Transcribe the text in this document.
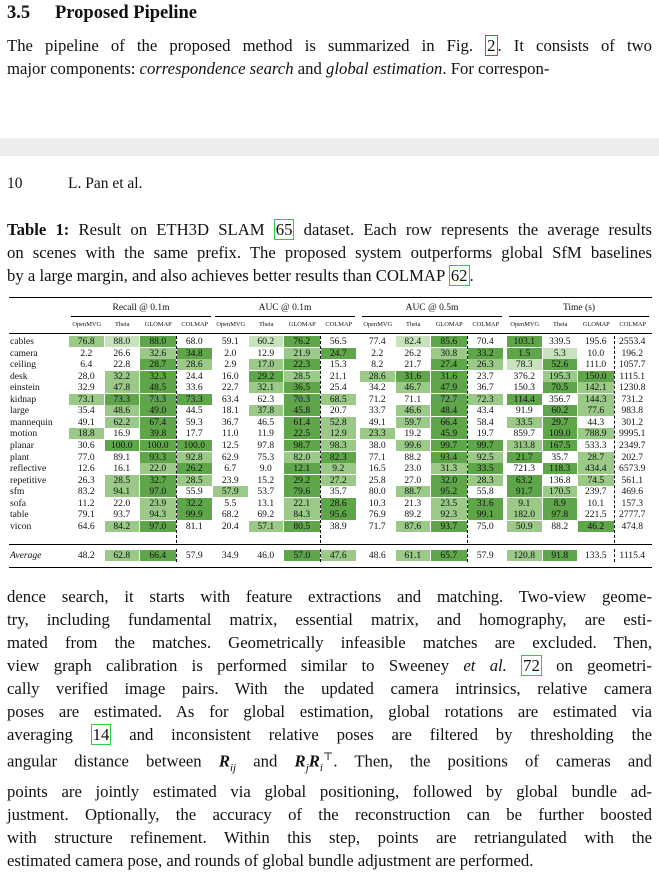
3.5 Proposed Pipeline
The pipeline of the proposed method is summarized in Fig. 2 . It consists of two
major components: correspondence search and global estimation. For correspon-
10	L. Pan et al.
Table 1: Result on ETH3D SLAM 65 dataset. Each row represents the average results
on scenes with the same prefix. The proposed system outperforms global SfM baselines
by a large margin, and also achieves better results than COLMAP 62 .
Recall @ 0.1m
OpenMVG	Theia	GLOMAP	COLMAP
AUC @ 0.1m
OpenMVG	Theia	GLOMAP	COLMAP
AUC @ 0.5m
OpenMVG	Theia	GLOMAP	COLMAP
Time (s)
OpenMVG	Theia	GLOMAP	COLMAP
cables	76.8	88.0	88.0	68.0	59.1	60.2	76.2	56.5	77.4	82.4	85.6	70.4	103.1	339.5	195.6	2553.4
camera	2.2	26.6	32.6	34.8	2.0	12.9	21.9	24.7	2.2	26.2	30.8	33.2	1.5	5.3	10.0	196.2
ceiling	6.4	22.8	28.7	28.6	2.9	17.0	22.3	15.3	8.2	21.7	27.4	26.3	78.3	52.6	111.0	1057.7
desk	28.0	32.2	32.3	24.4	16.0	29.2	28.5	21.1	28.6	31.6	31.6	23.7	376.2	195.3	150.0	1115.1
einstein	32.9	47.8	48.5	33.6	22.7	32.1	36.5	25.4	34.2	46.7	47.9	36.7	150.3	70.5	142.1	1230.8
kidnap	73.1	73.3	73.3	73.3	63.4	62.3	70.3	68.5	71.2	71.1	72.7	72.3	114.4	356.7	144.3	731.2
large	35.4	48.6	49.0	44.5	18.1	37.8	45.8	20.7	33.7	46.6	48.4	43.4	91.9	60.2	77.6	983.8
mannequin	49.1	62.2	67.4	59.3	36.7	46.5	61.4	52.8	49.1	59.7	66.4	58.4	33.5	29.7	44.3	301.2
motion	18.8	16.9	39.8	17.7	11.0	11.9	22.5	12.9	23.3	19.2	45.9	19.7	859.7	109.0	788.9	9995.1
planar	30.6	100.0	100.0	100.0	12.5	97.8	98.7	98.3	38.0	99.6	99.7	99.7	313.8	167.5	533.3	2349.7
plant	77.0	89.1	93.3	92.8	62.9	75.3	82.0	82.3	77.1	88.2	93.4	92.5	21.7	35.7	28.7	202.7
reflective	12.6	16.1	22.0	26.2	6.7	9.0	12.1	9.2	16.5	23.0	31.3	33.5	721.3	118.3	434.4	6573.9
repetitive	26.3	28.5	32.7	28.5	23.9	15.2	29.2	27.2	25.8	27.0	32.0	28.3	63.2	136.8	74.5	561.1
sfm	83.2	94.1	97.0	55.9	57.9	53.7	79.6	35.7	80.0	88.7	95.2	55.8	91.7	170.5	239.7	469.6
sofa	11.2	22.0	23.9	32.2	5.5	13.1	22.1	28.6	10.3	21.3	23.5	31.6	9.1	8.9	10.1	157.3
table	79.1	93.7	94.3	99.9	68.2	69.2	84.3	95.6	76.9	89.2	92.3	99.1	182.0	97.8	221.5	2777.7
vicon	64.6	84.2	97.0	81.1	20.4	57.1	80.5	38.9	71.7	87.6	93.7	75.0	50.9	88.2	46.2	474.8
Average	48.2	62.8	66.4	57.9	34.9	46.0	57.0	47.6	48.6	61.1	65.7	57.9	120.8	91.8	133.5	1115.4
dence search, it starts with feature extractions and matching. Two-view geome-
try, including fundamental matrix, essential matrix, and homography, are esti-
mated from the matches. Geometrically infeasible matches are excluded. Then,
view graph calibration is performed similar to Sweeney et al. 72 on geometri-
cally verified image pairs. With the updated camera intrinsics, relative camera
poses are estimated. As for global estimation, global rotations are estimated via
averaging 14 and inconsistent relative poses are filtered by thresholding the
angular distance between $R_{ij}$ and $R_jR_i^⊤$. Then, the positions of cameras and
points are jointly estimated via global positioning, followed by global bundle ad-
justment. Optionally, the accuracy of the reconstruction can be further boosted
with structure refinement. Within this step, points are retriangulated with the
estimated camera pose, and rounds of global bundle adjustment are performed.
